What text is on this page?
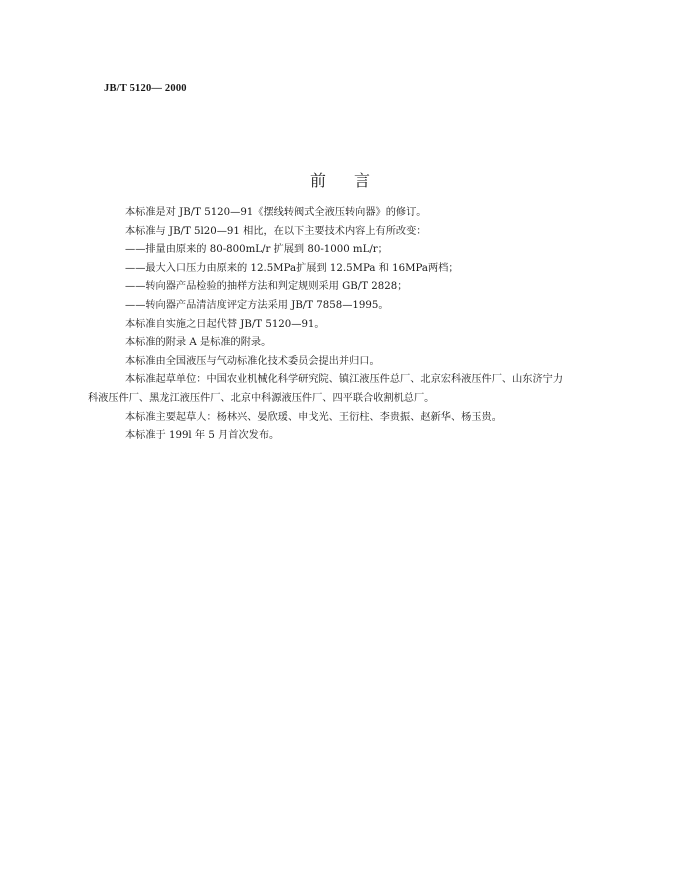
JB/T 5120— 2000
前言

本标准是对 JB/T 5120—91《摆线转阀式全液压转向器》的修订。

本标准与 JB/T 5l20—91 相比，在以下主要技术内容上有所改变：

——排量由原来的 80-800mL/r 扩展到 80-1000 mL/r；

——最大入口压力由原来的 12.5MPa扩展到 12.5MPa 和 16MPa两档；

——转向器产品检验的抽样方法和判定规则采用 GB/T 2828；

——转向器产品清洁度评定方法采用 JB/T 7858—1995。

本标准自实施之日起代替 JB/T 5120—91。

本标准的附录 A 是标准的附录。

本标准由全国液压与气动标准化技术委员会提出并归口。

本标准起草单位：中国农业机械化科学研究院、镇江液压件总厂、北京宏科液压件厂、山东济宁力
科液压件厂、黑龙江液压件厂、北京中科源液压件厂、四平联合收割机总厂。

本标准主要起草人：杨林兴、晏欣瑗、申戈光、王衍柱、李贵振、赵新华、杨玉贵。

本标准于 199l 年 5 月首次发布。
